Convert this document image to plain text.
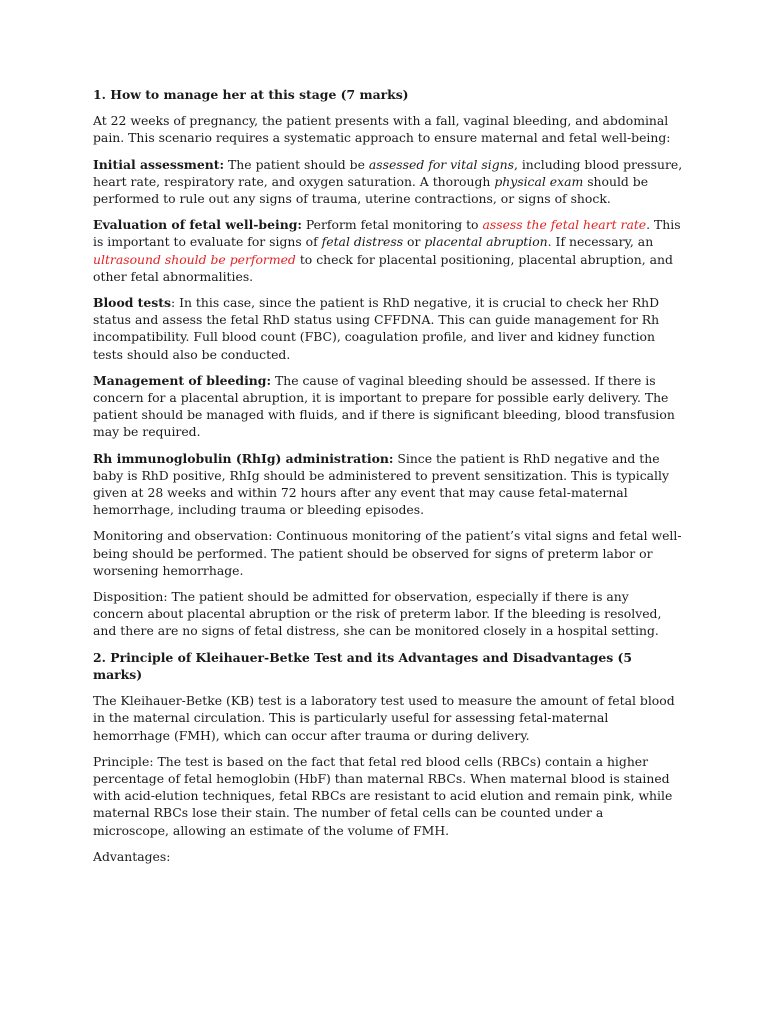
1. How to manage her at this stage (7 marks)

At 22 weeks of pregnancy, the patient presents with a fall, vaginal bleeding, and abdominal pain. This scenario requires a systematic approach to ensure maternal and fetal well-being:

Initial assessment: The patient should be assessed for vital signs, including blood pressure, heart rate, respiratory rate, and oxygen saturation. A thorough physical exam should be performed to rule out any signs of trauma, uterine contractions, or signs of shock.

Evaluation of fetal well-being: Perform fetal monitoring to assess the fetal heart rate. This is important to evaluate for signs of fetal distress or placental abruption. If necessary, an ultrasound should be performed to check for placental positioning, placental abruption, and other fetal abnormalities.

Blood tests: In this case, since the patient is RhD negative, it is crucial to check her RhD status and assess the fetal RhD status using CFFDNA. This can guide management for Rh incompatibility. Full blood count (FBC), coagulation profile, and liver and kidney function tests should also be conducted.

Management of bleeding: The cause of vaginal bleeding should be assessed. If there is concern for a placental abruption, it is important to prepare for possible early delivery. The patient should be managed with fluids, and if there is significant bleeding, blood transfusion may be required.

Rh immunoglobulin (RhIg) administration: Since the patient is RhD negative and the baby is RhD positive, RhIg should be administered to prevent sensitization. This is typically given at 28 weeks and within 72 hours after any event that may cause fetal-maternal hemorrhage, including trauma or bleeding episodes.

Monitoring and observation: Continuous monitoring of the patient’s vital signs and fetal well-being should be performed. The patient should be observed for signs of preterm labor or worsening hemorrhage.

Disposition: The patient should be admitted for observation, especially if there is any concern about placental abruption or the risk of preterm labor. If the bleeding is resolved, and there are no signs of fetal distress, she can be monitored closely in a hospital setting.

2. Principle of Kleihauer-Betke Test and its Advantages and Disadvantages (5 marks)

The Kleihauer-Betke (KB) test is a laboratory test used to measure the amount of fetal blood in the maternal circulation. This is particularly useful for assessing fetal-maternal hemorrhage (FMH), which can occur after trauma or during delivery.

Principle: The test is based on the fact that fetal red blood cells (RBCs) contain a higher percentage of fetal hemoglobin (HbF) than maternal RBCs. When maternal blood is stained with acid-elution techniques, fetal RBCs are resistant to acid elution and remain pink, while maternal RBCs lose their stain. The number of fetal cells can be counted under a microscope, allowing an estimate of the volume of FMH.

Advantages:
